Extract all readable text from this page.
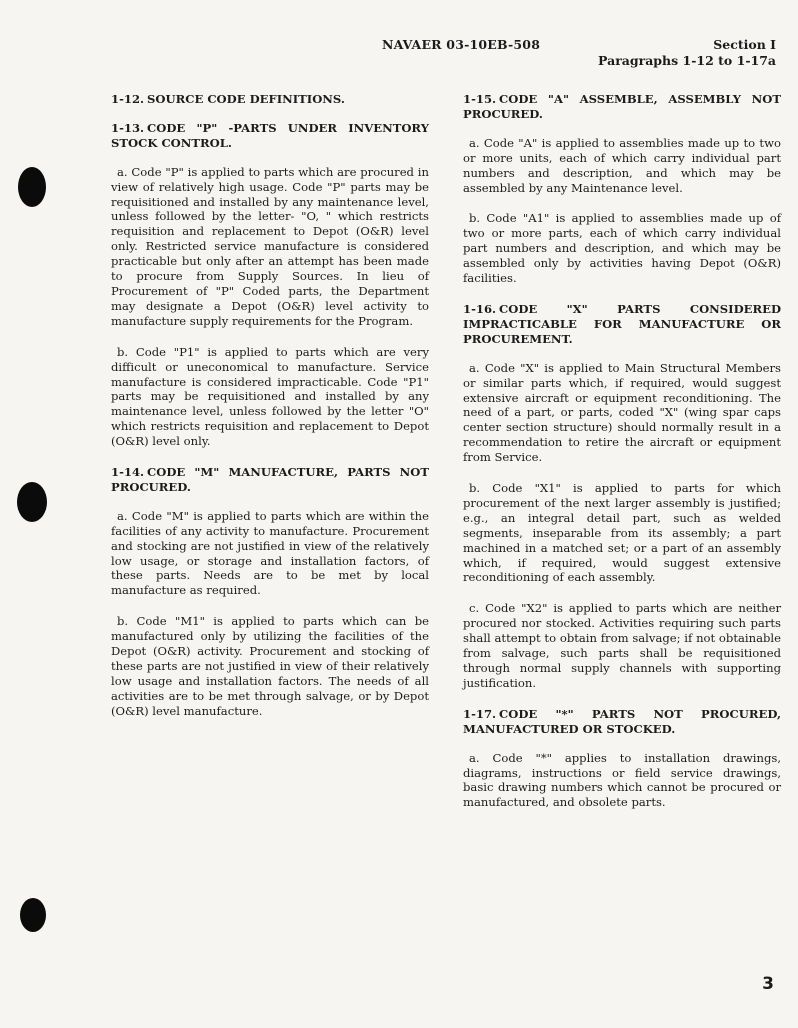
NAVAER 03-10EB-508	Section I
Paragraphs 1-12 to 1-17a
1-12. SOURCE CODE DEFINITIONS.
1-13. CODE "P" -PARTS UNDER INVENTORY STOCK CONTROL.

a. Code "P" is applied to parts which are procured in view of relatively high usage. Code "P" parts may be requisitioned and installed by any maintenance level, unless followed by the letter- "O, " which restricts requisition and replacement to Depot (O&R) level only. Restricted service manufacture is considered practicable but only after an attempt has been made to procure from Supply Sources. In lieu of Procurement of "P" Coded parts, the Department may designate a Depot (O&R) level activity to manufacture supply requirements for the Program.

b. Code "P1" is applied to parts which are very difficult or uneconomical to manufacture. Service manufacture is considered impracticable. Code "P1" parts may be requisitioned and installed by any maintenance level, unless followed by the letter "O" which restricts requisition and replacement to Depot (O&R) level only.

1-14. CODE "M" MANUFACTURE, PARTS NOT PROCURED.

a. Code "M" is applied to parts which are within the facilities of any activity to manufacture. Procurement and stocking are not justified in view of the relatively low usage, or storage and installation factors, of these parts. Needs are to be met by local manufacture as required.

b. Code "M1" is applied to parts which can be manufactured only by utilizing the facilities of the Depot (O&R) activity. Procurement and stocking of these parts are not justified in view of their relatively low usage and installation factors. The needs of all activities are to be met through salvage, or by Depot (O&R) level manufacture.

1-15. CODE "A" ASSEMBLE, ASSEMBLY NOT PROCURED.

a. Code "A" is applied to assemblies made up to two or more units, each of which carry individual part numbers and description, and which may be assembled by any Maintenance level.

b. Code "A1" is applied to assemblies made up of two or more parts, each of which carry individual part numbers and description, and which may be assembled only by activities having Depot (O&R) facilities.

1-16. CODE "X" PARTS CONSIDERED IMPRACTICABLE FOR MANUFACTURE OR PROCUREMENT.

a. Code "X" is applied to Main Structural Members or similar parts which, if required, would suggest extensive aircraft or equipment reconditioning. The need of a part, or parts, coded "X" (wing spar caps center section structure) should normally result in a recommendation to retire the aircraft or equipment from Service.

b. Code "X1" is applied to parts for which procurement of the next larger assembly is justified; e.g., an integral detail part, such as welded segments, inseparable from its assembly; a part machined in a matched set; or a part of an assembly which, if required, would suggest extensive reconditioning of each assembly.

c. Code "X2" is applied to parts which are neither procured nor stocked. Activities requiring such parts shall attempt to obtain from salvage; if not obtainable from salvage, such parts shall be requisitioned through normal supply channels with supporting justification.

1-17. CODE "*" PARTS NOT PROCURED, MANUFACTURED OR STOCKED.

a. Code "*" applies to installation drawings, diagrams, instructions or field service drawings, basic drawing numbers which cannot be procured or manufactured, and obsolete parts.

3
